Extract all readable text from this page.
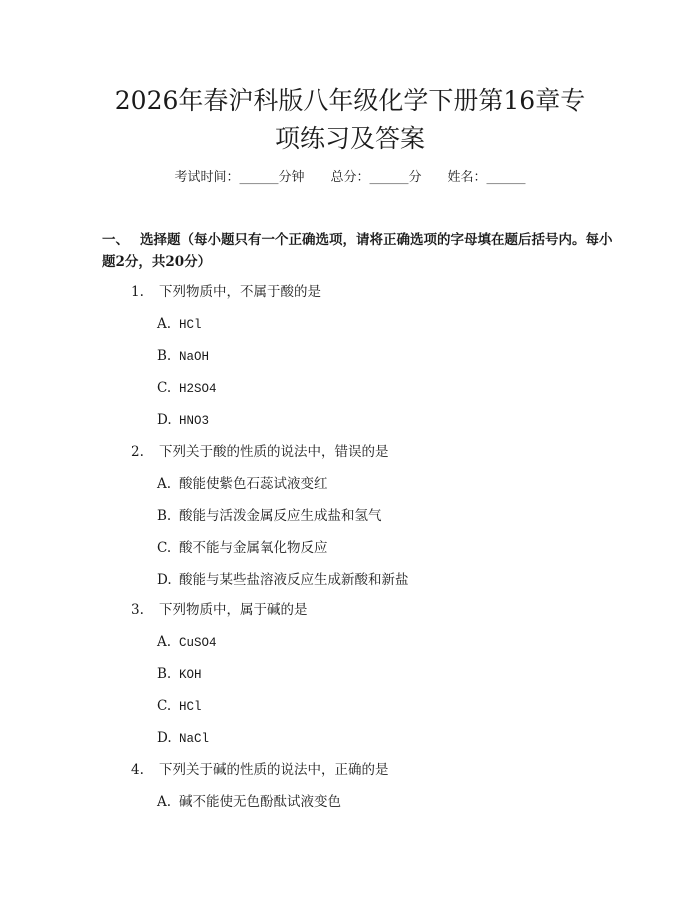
2026年春沪科版八年级化学下册第16章专
项练习及答案
考试时间：______分钟 总分：______分 姓名：______
一、 选择题（每小题只有一个正确选项，请将正确选项的字母填在题后括号内。每小题2分，共20分）
1. 下列物质中，不属于酸的是
A. HCl
B. NaOH
C. H2SO4
D. HNO3
2. 下列关于酸的性质的说法中，错误的是
A. 酸能使紫色石蕊试液变红
B. 酸能与活泼金属反应生成盐和氢气
C. 酸不能与金属氧化物反应
D. 酸能与某些盐溶液反应生成新酸和新盐
3. 下列物质中，属于碱的是
A. CuSO4
B. KOH
C. HCl
D. NaCl
4. 下列关于碱的性质的说法中，正确的是
A. 碱不能使无色酚酞试液变色
